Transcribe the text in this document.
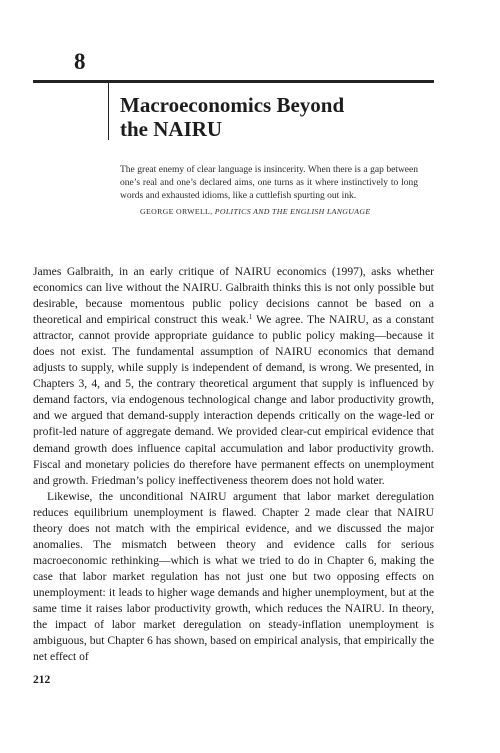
8
Macroeconomics Beyond
the NAIRU

The great enemy of clear language is insincerity. When there is a gap between one’s real and one’s declared aims, one turns as it where instinctively to long words and exhausted idioms, like a cuttlefish spurting out ink.

GEORGE ORWELL, POLITICS AND THE ENGLISH LANGUAGE

James Galbraith, in an early critique of NAIRU economics (1997), asks whether economics can live without the NAIRU. Galbraith thinks this is not only possible but desirable, because momentous public policy decisions cannot be based on a theoretical and empirical construct this weak.$^1$ We agree. The NAIRU, as a constant attractor, cannot provide appropriate guidance to public policy making—because it does not exist. The fundamental assumption of NAIRU economics that demand adjusts to supply, while supply is independent of demand, is wrong. We presented, in Chapters 3, 4, and 5, the contrary theoretical argument that supply is influenced by demand factors, via endogenous technological change and labor productivity growth, and we argued that demand-supply interaction depends critically on the wage-led or profit-led nature of aggregate demand. We provided clear-cut empirical evidence that demand growth does influence capital accumulation and labor productivity growth. Fiscal and monetary policies do therefore have permanent effects on unemployment and growth. Friedman’s policy ineffectiveness theorem does not hold water.

Likewise, the unconditional NAIRU argument that labor market deregulation reduces equilibrium unemployment is flawed. Chapter 2 made clear that NAIRU theory does not match with the empirical evidence, and we discussed the major anomalies. The mismatch between theory and evidence calls for serious macroeconomic rethinking—which is what we tried to do in Chapter 6, making the case that labor market regulation has not just one but two opposing effects on unemployment: it leads to higher wage demands and higher unemployment, but at the same time it raises labor productivity growth, which reduces the NAIRU. In theory, the impact of labor market deregulation on steady-inflation unemployment is ambiguous, but Chapter 6 has shown, based on empirical analysis, that empirically the net effect of

212
